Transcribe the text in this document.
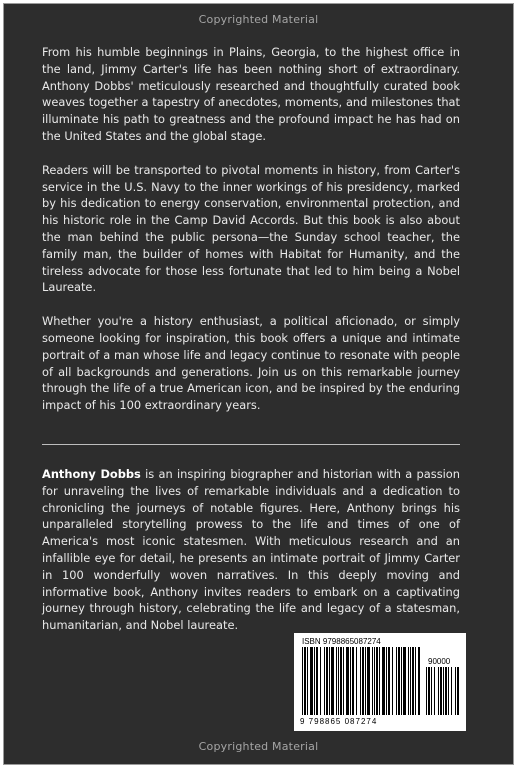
Copyrighted Material

From his humble beginnings in Plains, Georgia, to the highest office in the land, Jimmy Carter's life has been nothing short of extraordinary. Anthony Dobbs' meticulously researched and thoughtfully curated book weaves together a tapestry of anecdotes, moments, and milestones that illuminate his path to greatness and the profound impact he has had on the United States and the global stage.

Readers will be transported to pivotal moments in history, from Carter's service in the U.S. Navy to the inner workings of his presidency, marked by his dedication to energy conservation, environmental protection, and his historic role in the Camp David Accords. But this book is also about the man behind the public persona—the Sunday school teacher, the family man, the builder of homes with Habitat for Humanity, and the tireless advocate for those less fortunate that led to him being a Nobel Laureate.

Whether you're a history enthusiast, a political aficionado, or simply someone looking for inspiration, this book offers a unique and intimate portrait of a man whose life and legacy continue to resonate with people of all backgrounds and generations. Join us on this remarkable journey through the life of a true American icon, and be inspired by the enduring impact of his 100 extraordinary years.

Anthony Dobbs is an inspiring biographer and historian with a passion for unraveling the lives of remarkable individuals and a dedication to chronicling the journeys of notable figures. Here, Anthony brings his unparalleled storytelling prowess to the life and times of one of America's most iconic statesmen. With meticulous research and an infallible eye for detail, he presents an intimate portrait of Jimmy Carter in 100 wonderfully woven narratives. In this deeply moving and informative book, Anthony invites readers to embark on a captivating journey through history, celebrating the life and legacy of a statesman, humanitarian, and Nobel laureate.
ISBN 9798865087274
90000
9 798865 087274
Copyrighted Material
